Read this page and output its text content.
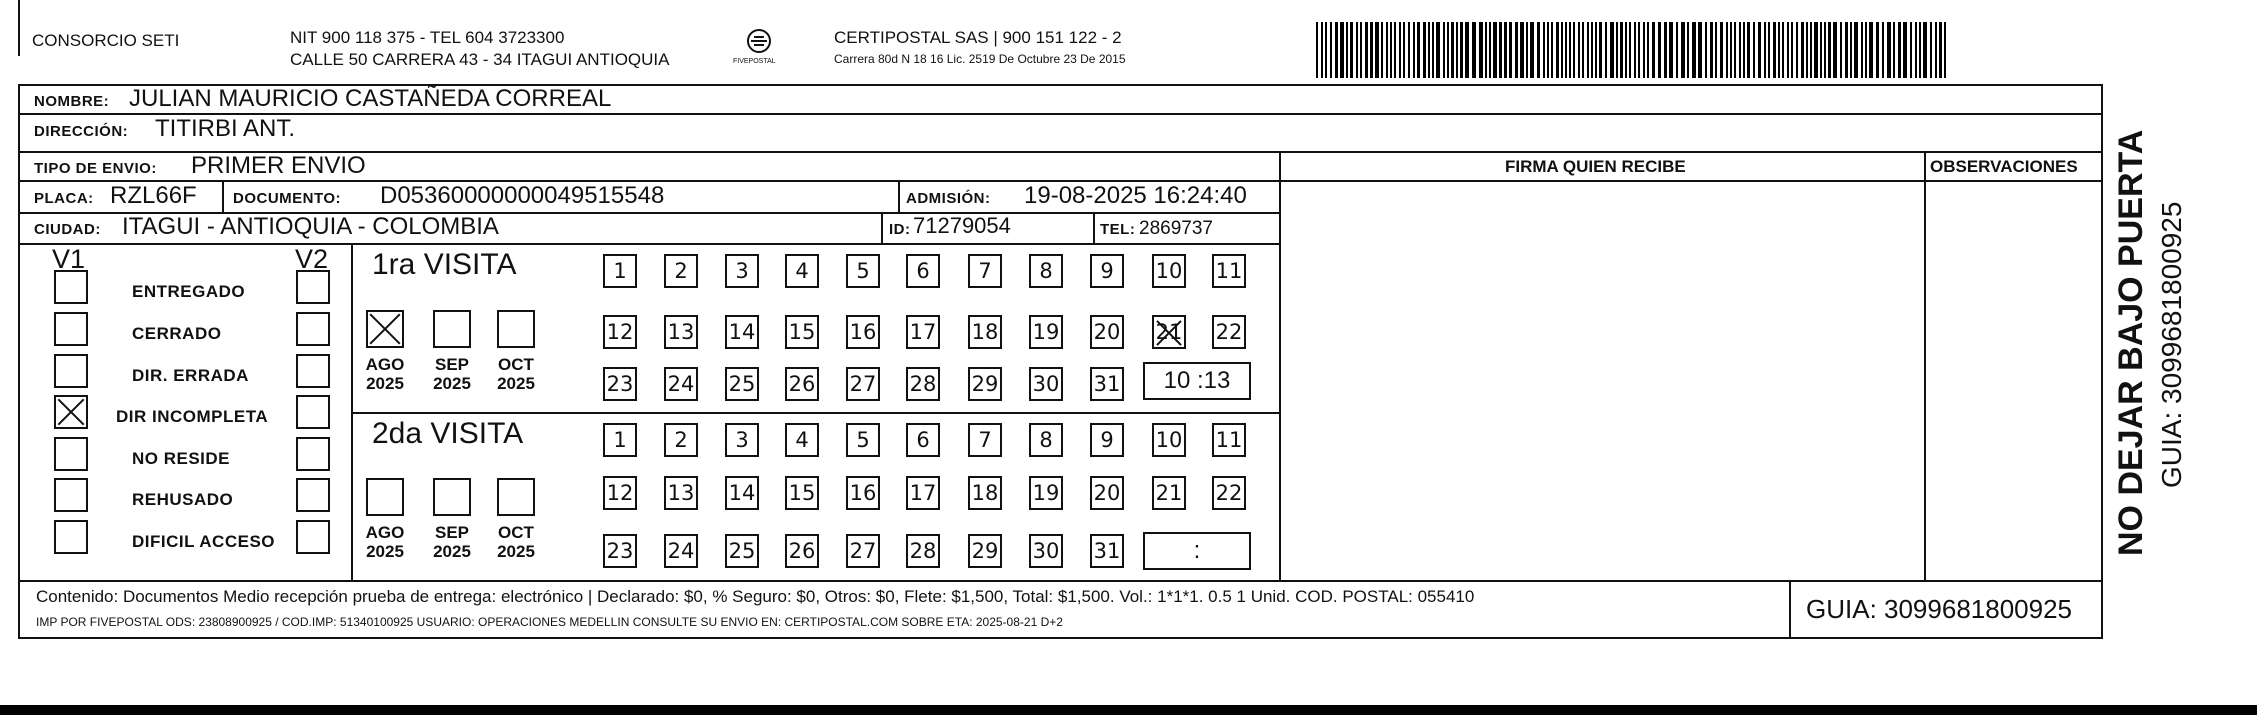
CONSORCIO SETI	NIT 900 118 375 - TEL 604 3723300
CALLE 50 CARRERA 43 - 34 ITAGUI ANTIOQUIA	FIVEPOSTAL
CERTIPOSTAL SAS | 900 151 122 - 2
Carrera 80d N 18 16 Lic. 2519 De Octubre 23 De 2015
NOMBRE: JULIAN MAURICIO CASTAÑEDA CORREAL
DIRECCIÓN: TITIRBI ANT.
TIPO DE ENVIO: PRIMER ENVIO	FIRMA QUIEN RECIBE	OBSERVACIONES
PLACA: RZL66F DOCUMENTO: D05360000000049515548	ADMISIÓN: 19-08-2025 16:24:40
CIUDAD: ITAGUI - ANTIOQUIA - COLOMBIA	ID: 71279054	TEL: 2869737
V1	V2
ENTREGADO
CERRADO
DIR. ERRADA
DIR INCOMPLETA
NO RESIDE
REHUSADO
DIFICIL ACCESO
1ra VISITA
AGO
2025
SEP
2025
OCT
2025
1	2	3	4	5	6	7	8	9	10 11
12 13 14 15 16 17 18 19 20 21 22
23 24 25 26 27 28 29 30 31	10 :13
2da VISITA
AGO
2025
SEP
2025
OCT
2025
1	2	3	4	5	6	7	8	9	10 11
12 13 14 15 16 17 18 19 20 21 22
23 24 25 26 27 28 29 30 31	:
Contenido: Documentos Medio recepción prueba de entrega: electrónico | Declarado: $0, % Seguro: $0, Otros: $0, Flete: $1,500, Total: $1,500. Vol.: 1*1*1. 0.5 1 Unid. COD. POSTAL: 055410
IMP POR FIVEPOSTAL ODS: 23808900925 / COD.IMP: 51340100925 USUARIO: OPERACIONES MEDELLIN CONSULTE SU ENVIO EN: CERTIPOSTAL.COM SOBRE ETA: 2025-08-21 D+2	GUIA: 3099681800925
NO DEJAR BAJO PUERTA GUIA: 3099681800925
